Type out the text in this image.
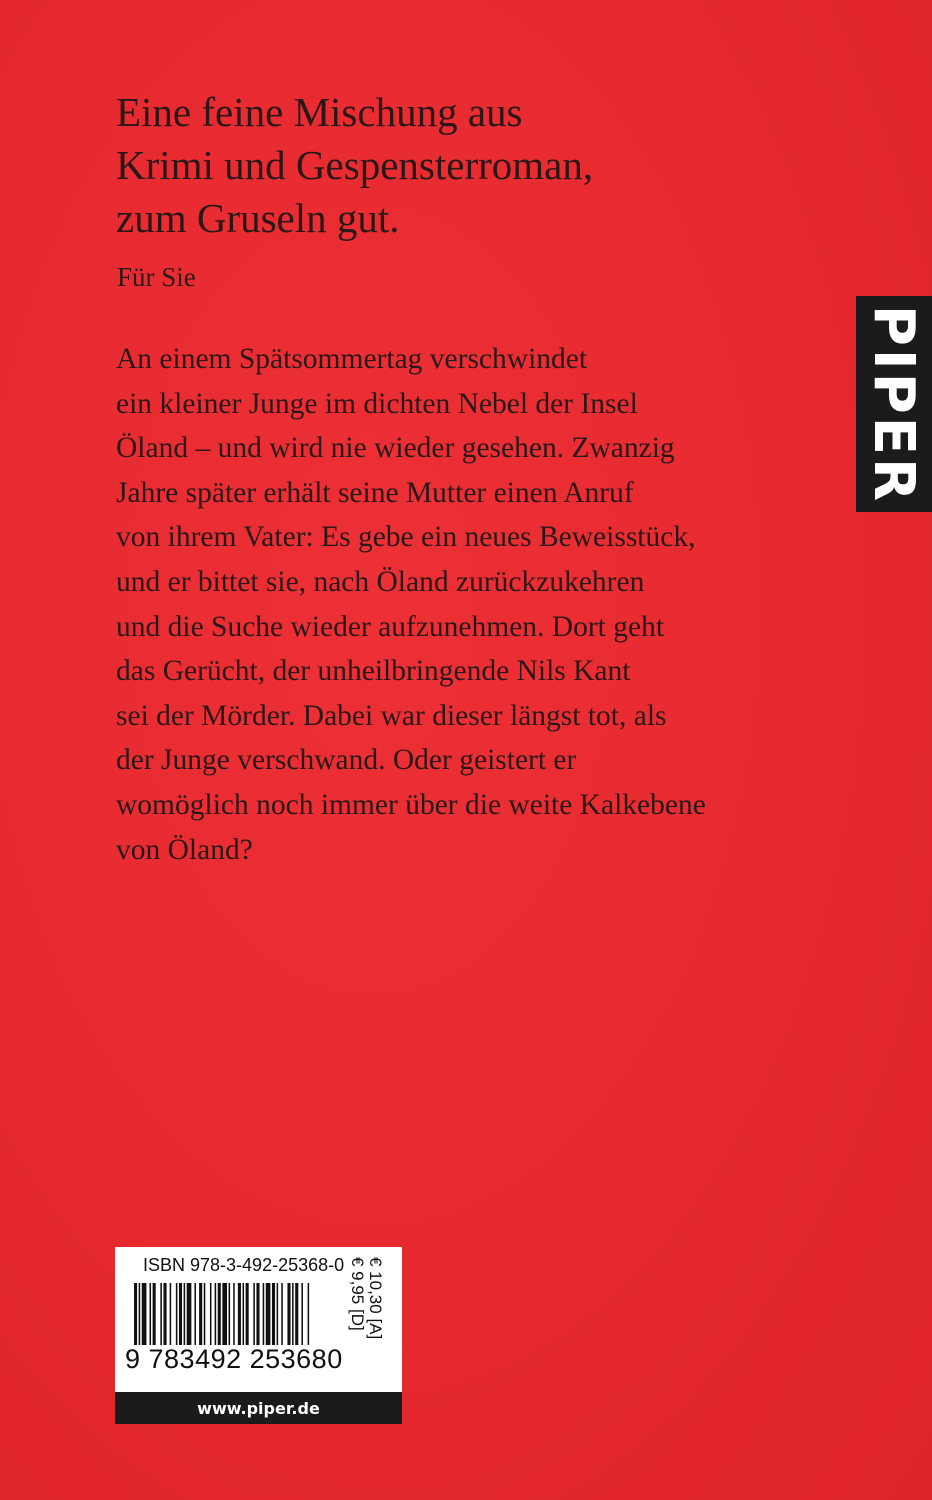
Eine feine Mischung aus
Krimi und Gespensterroman,
zum Gruseln gut.
Für Sie
An einem Spätsommertag verschwindet
ein kleiner Junge im dichten Nebel der Insel
Öland – und wird nie wieder gesehen. Zwanzig
Jahre später erhält seine Mutter einen Anruf
von ihrem Vater: Es gebe ein neues Beweisstück,
und er bittet sie, nach Öland zurückzukehren
und die Suche wieder aufzunehmen. Dort geht
das Gerücht, der unheilbringende Nils Kant
sei der Mörder. Dabei war dieser längst tot, als
der Junge verschwand. Oder geistert er
womöglich noch immer über die weite Kalkebene
von Öland?
PIPER
ISBN 978-3-492-25368-0
9 783492 253680
€ 9,95 [D] € 10,30 [A]
www.piper.de
